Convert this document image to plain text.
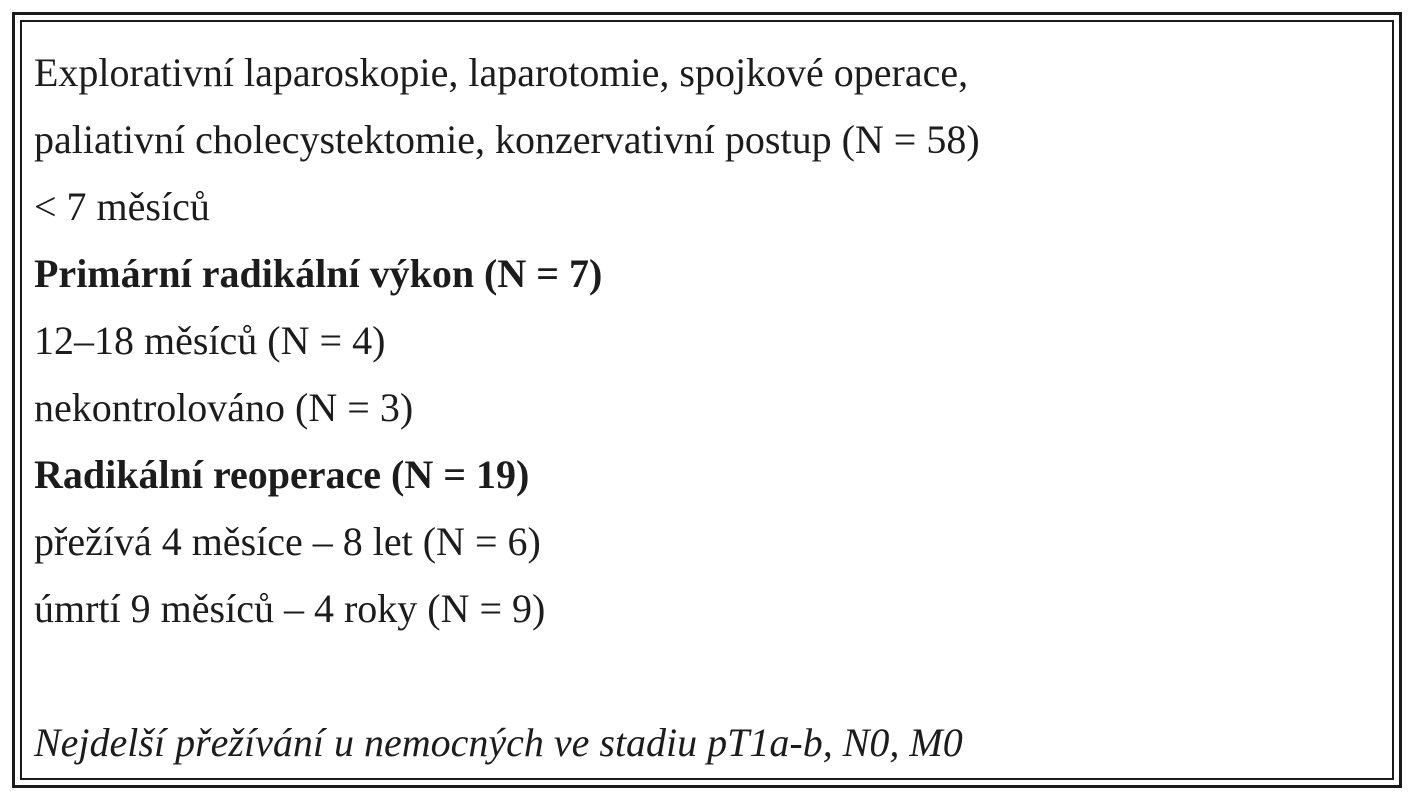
Explorativní laparoskopie, laparotomie, spojkové operace,
paliativní cholecystektomie, konzervativní postup (N = 58)
< 7 měsíců
Primární radikální výkon (N = 7)
12–18 měsíců (N = 4)
nekontrolováno (N = 3)
Radikální reoperace (N = 19)
přežívá 4 měsíce – 8 let (N = 6)
úmrtí 9 měsíců – 4 roky (N = 9)
Nejdelší přežívání u nemocných ve stadiu pT1a-b, N0, M0
